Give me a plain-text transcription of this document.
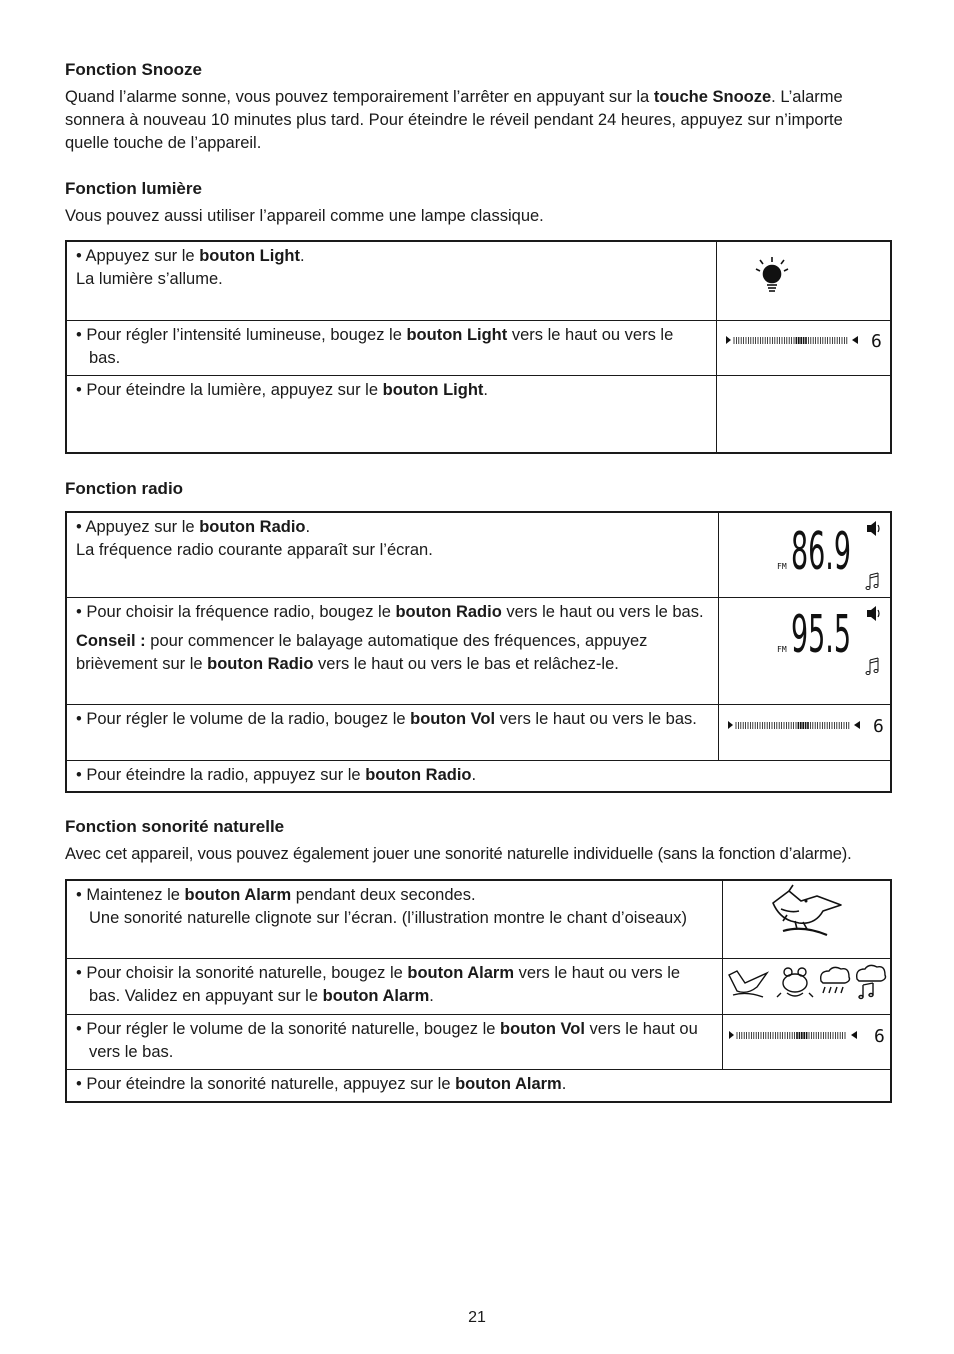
Fonction Snooze

Quand l’alarme sonne, vous pouvez temporairement l’arrêter en appuyant sur la touche Snooze. L’alarme sonnera à nouveau 10 minutes plus tard. Pour éteindre le réveil pendant 24 heures, appuyez sur n’importe quelle touche de l’appareil.

Fonction lumière

Vous pouvez aussi utiliser l’appareil comme une lampe classique.

• Appuyez sur le bouton Light.
La lumière s’allume.

• Pour régler l’intensité lumineuse, bougez le bouton Light vers le haut ou vers le bas.	6

• Pour éteindre la lumière, appuyez sur le bouton Light.	

Fonction radio
• Appuyez sur le bouton Radio.
La fréquence radio courante apparaît sur l’écran.	FM 86.9

• Pour choisir la fréquence radio, bougez le bouton Radio vers le haut ou vers le bas.
Conseil : pour commencer le balayage automatique des fréquences, appuyez brièvement sur le bouton Radio vers le haut ou vers le bas et relâchez-le.	FM 95.5

• Pour régler le volume de la radio, bougez le bouton Vol vers le haut ou vers le bas.	6

• Pour éteindre la radio, appuyez sur le bouton Radio.	
Fonction sonorité naturelle

Avec cet appareil, vous pouvez également jouer une sonorité naturelle individuelle (sans la fonction d’alarme).

• Maintenez le bouton Alarm pendant deux secondes.
Une sonorité naturelle clignote sur l’écran. (l’illustration montre le chant d’oiseaux)

• Pour choisir la sonorité naturelle, bougez le bouton Alarm vers le haut ou vers le bas. Validez en appuyant sur le bouton Alarm.

• Pour régler le volume de la sonorité naturelle, bougez le bouton Vol vers le haut ou vers le bas.	6

• Pour éteindre la sonorité naturelle, appuyez sur le bouton Alarm.	
21
